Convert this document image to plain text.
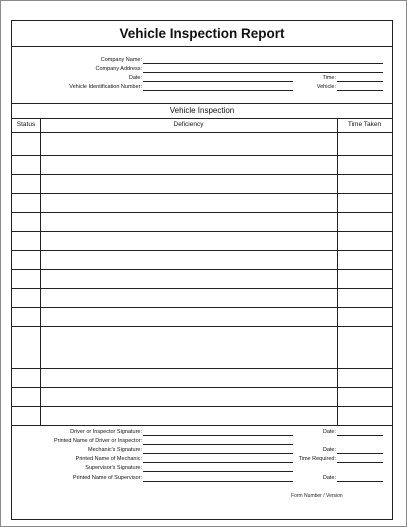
Vehicle Inspection Report
Company Name:
Company Address:
Date:	Time:
Vehicle Identification Number:	Vehicle:
Vehicle Inspection
Status	Deficiency	Time Taken
Driver or Inspector Signature:	Date:
Printed Name of Driver or Inspector:
Mechanic's Signature:	Date:
Printed Name of Mechanic:	Time Required:
Supervisor's Signature:
Printed Name of Supervisor:	Date:
Form Number / Version
